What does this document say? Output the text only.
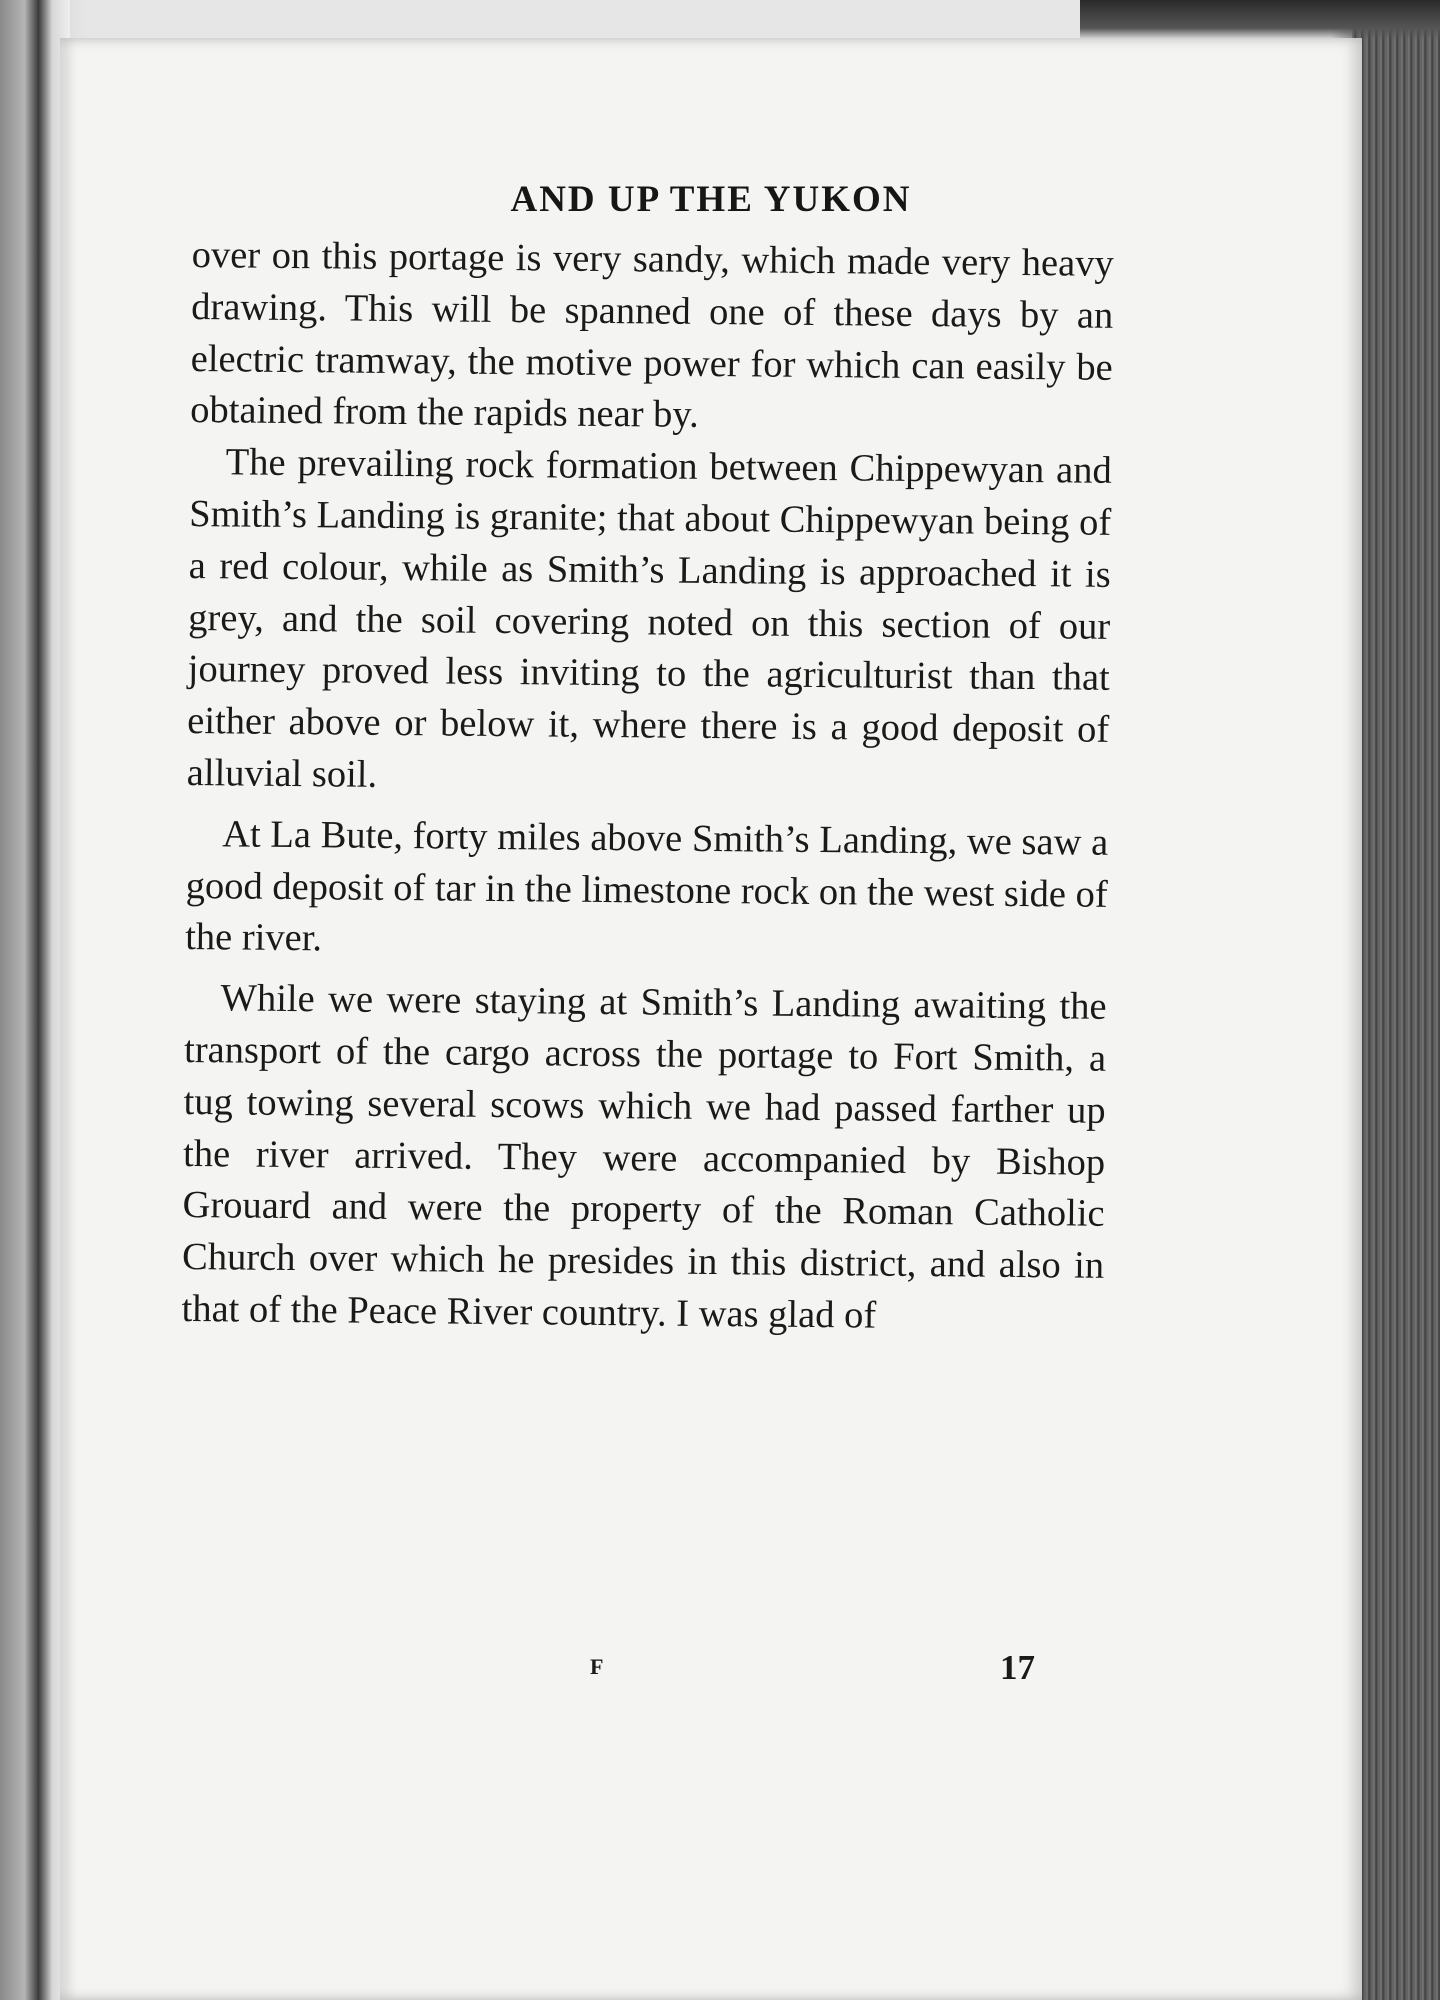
AND UP THE YUKON

over on this portage is very sandy, which made very heavy drawing. This will be spanned one of these days by an electric tramway, the motive power for which can easily be obtained from the rapids near by.

The prevailing rock formation between Chippewyan and Smith’s Landing is granite; that about Chippewyan being of a red colour, while as Smith’s Landing is approached it is grey, and the soil covering noted on this section of our journey proved less inviting to the agriculturist than that either above or below it, where there is a good deposit of alluvial soil.

At La Bute, forty miles above Smith’s Landing, we saw a good deposit of tar in the limestone rock on the west side of the river.

While we were staying at Smith’s Landing awaiting the transport of the cargo across the portage to Fort Smith, a tug towing several scows which we had passed farther up the river arrived. They were accompanied by Bishop Grouard and were the property of the Roman Catholic Church over which he presides in this district, and also in that of the Peace River country. I was glad of

F	17
